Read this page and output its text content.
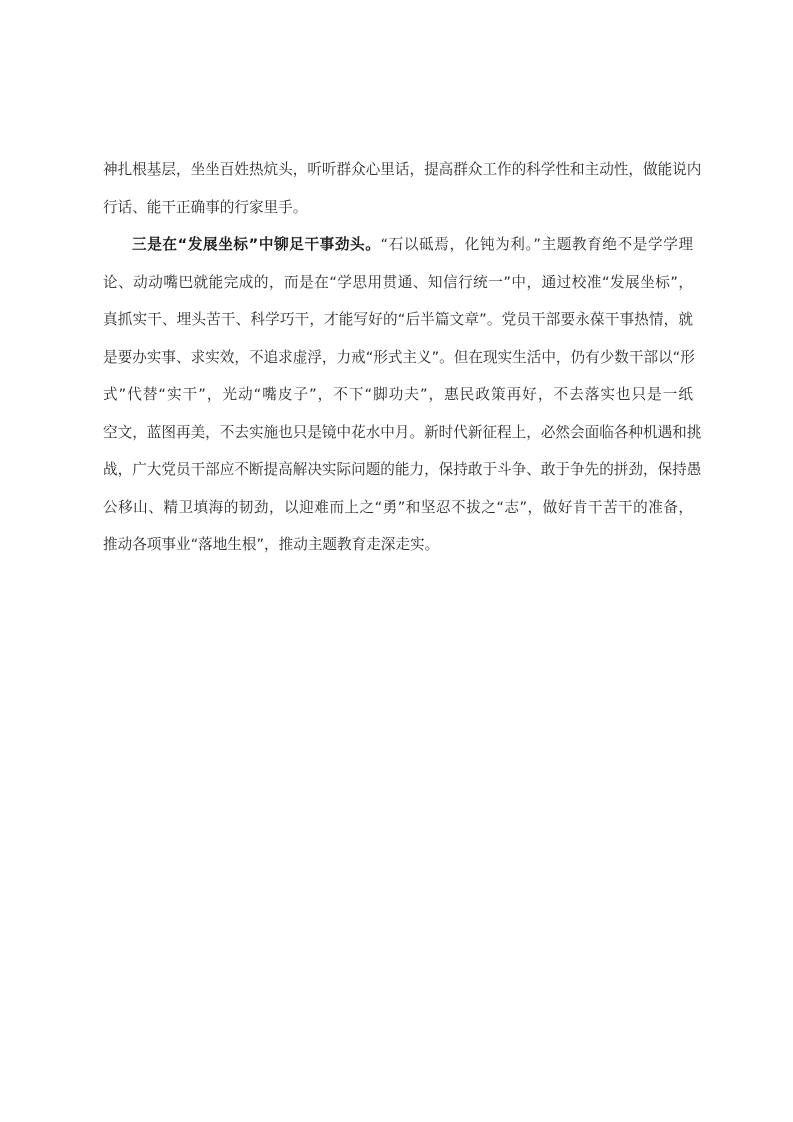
神扎根基层，坐坐百姓热炕头，听听群众心里话，提高群众工作的科学性和主动性，做能说内
行话、能干正确事的行家里手。
三是在“发展坐标”中铆足干事劲头。“石以砥焉，化钝为利。”主题教育绝不是学学理
论、动动嘴巴就能完成的，而是在“学思用贯通、知信行统一”中，通过校准“发展坐标”，
真抓实干、埋头苦干、科学巧干，才能写好的“后半篇文章”。党员干部要永葆干事热情，就
是要办实事、求实效，不追求虚浮，力戒“形式主义”。但在现实生活中，仍有少数干部以“形
式”代替“实干”，光动“嘴皮子”，不下“脚功夫”，惠民政策再好，不去落实也只是一纸
空文，蓝图再美，不去实施也只是镜中花水中月。新时代新征程上，必然会面临各种机遇和挑
战，广大党员干部应不断提高解决实际问题的能力，保持敢于斗争、敢于争先的拼劲，保持愚
公移山、精卫填海的韧劲，以迎难而上之“勇”和坚忍不拔之“志”，做好肯干苦干的准备，
推动各项事业“落地生根”，推动主题教育走深走实。
